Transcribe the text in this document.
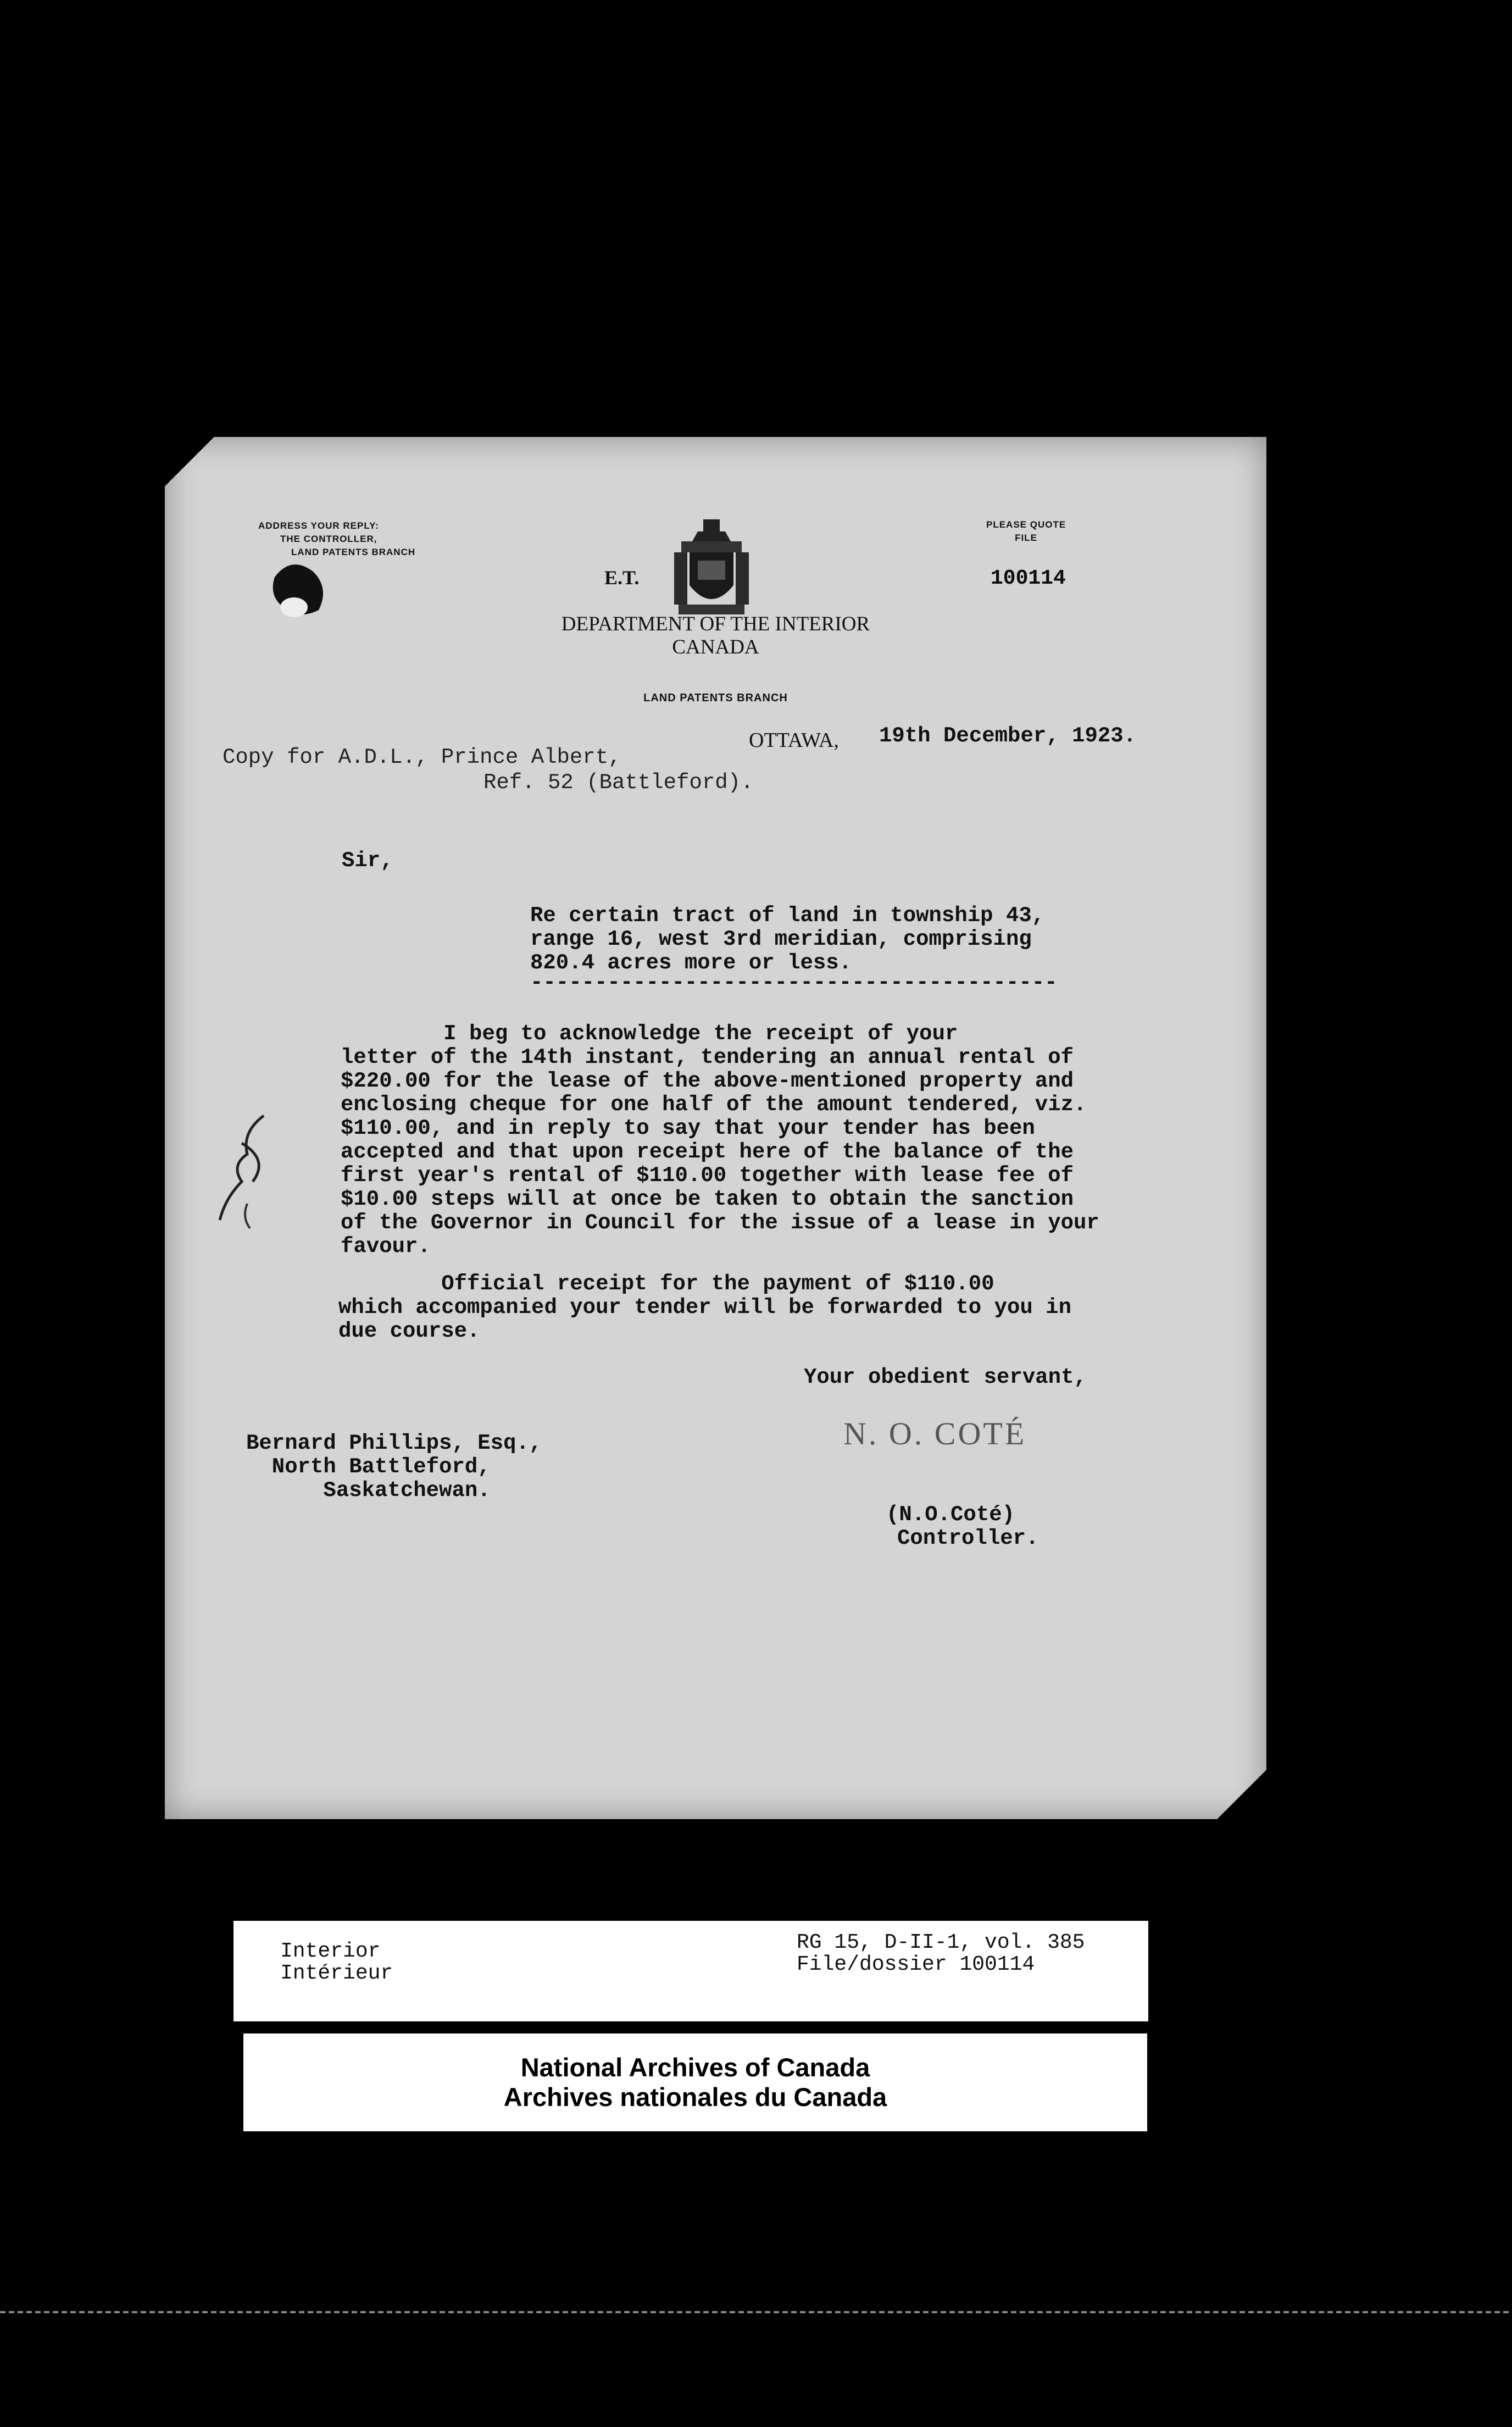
ADDRESS YOUR REPLY:
THE CONTROLLER,
LAND PATENTS BRANCH
E.T.
PLEASE QUOTE
FILE
100114
DEPARTMENT OF THE INTERIOR
CANADA
LAND PATENTS BRANCH
OTTAWA, 19th December, 1923.
Copy for A.D.L., Prince Albert,
Ref. 52 (Battleford).
Sir,
Re certain tract of land in township 43,
range 16, west 3rd meridian, comprising
820.4 acres more or less.
-----------------------------------------
I beg to acknowledge the receipt of your
letter of the 14th instant, tendering an annual rental of
$220.00 for the lease of the above-mentioned property and
enclosing cheque for one half of the amount tendered, viz.
$110.00, and in reply to say that your tender has been
accepted and that upon receipt here of the balance of the
first year's rental of $110.00 together with lease fee of
$10.00 steps will at once be taken to obtain the sanction
of the Governor in Council for the issue of a lease in your
favour.
Official receipt for the payment of $110.00
which accompanied your tender will be forwarded to you in
due course.
Your obedient servant,
N. O. COTÉ
Bernard Phillips, Esq.,
North Battleford,
Saskatchewan.
(N.O.Coté)
Controller.
Interior
Intérieur
RG 15, D-II-1, vol. 385
File/dossier 100114
National Archives of Canada
Archives nationales du Canada
